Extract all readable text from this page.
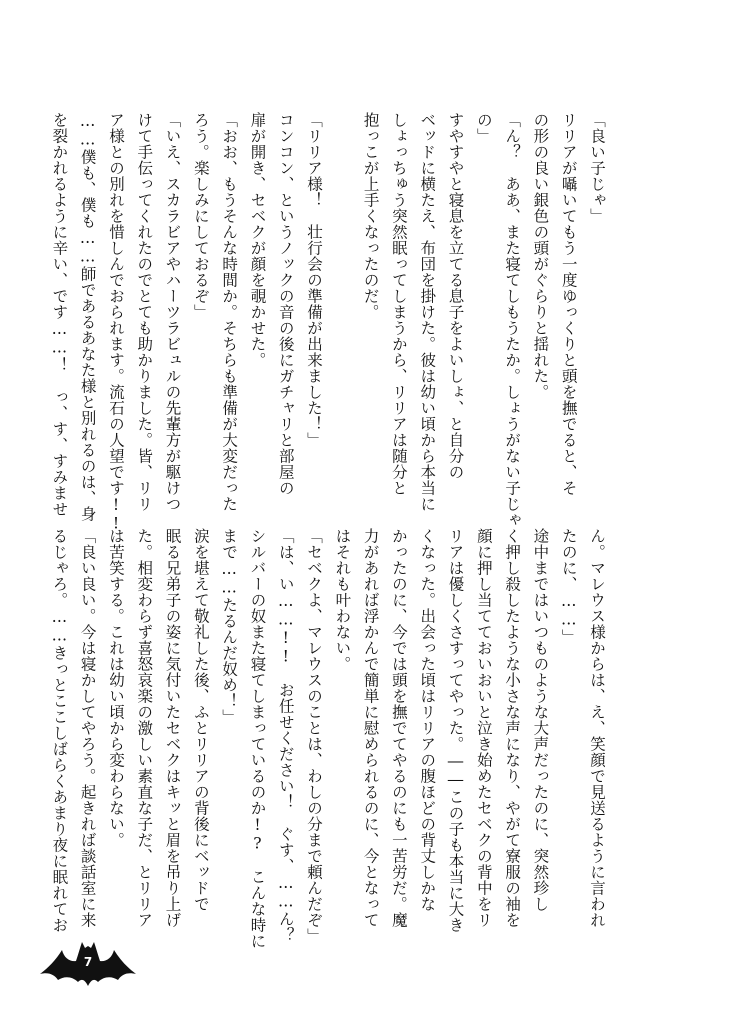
「良い子じゃ」
リリアが囁いてもう一度ゆっくりと頭を撫でると、そ
の形の良い銀色の頭がぐらりと揺れた。
「ん？　ああ、また寝てしもうたか。しょうがない子じゃ
の」
すやすやと寝息を立てる息子をよいしょ、と自分の
ベッドに横たえ、布団を掛けた。彼は幼い頃から本当に
しょっちゅう突然眠ってしまうから、リリアは随分と
抱っこが上手くなったのだ。

「リリア様！　壮行会の準備が出来ました！」
コンコン、というノックの音の後にガチャリと部屋の
扉が開き、セベクが顔を覗かせた。
「おお、もうそんな時間か。そちらも準備が大変だった
ろう。楽しみにしておるぞ」
「いえ、スカラビアやハーツラビュルの先輩方が駆けつ
けて手伝ってくれたのでとても助かりました。皆、リリ
ア様との別れを惜しんでおられます。流石の人望です!!
……僕も、僕も……師であるあなた様と別れるのは、身
を裂かれるように辛い、です……！　っ、す、すみませ
ん。マレウス様からは、え、笑顔で見送るように言われ
たのに、……」
途中まではいつものような大声だったのに、突然珍し
く押し殺したような小さな声になり、やがて寮服の袖を
顔に押し当てておいおいと泣き始めたセベクの背中をリ
リアは優しくさすってやった。――この子も本当に大き
くなった。出会った頃はリリアの腹ほどの背丈しかな
かったのに、今では頭を撫でてやるのにも一苦労だ。魔
力があれば浮かんで簡単に慰められるのに、今となって
はそれも叶わない。
「セベクよ、マレウスのことは、わしの分まで頼んだぞ」
「は、い……!!　お任せください！　ぐす、……ん？
シルバーの奴また寝てしまっているのか!?　こんな時に
まで……たるんだ奴め！」
涙を堪えて敬礼した後、ふとリリアの背後にベッドで
眠る兄弟子の姿に気付いたセベクはキッと眉を吊り上げ
た。相変わらず喜怒哀楽の激しい素直な子だ、とリリア
は苦笑する。これは幼い頃から変わらない。
「良い良い。今は寝かしてやろう。起きれば談話室に来
るじゃろ。……きっとここしばらくあまり夜に眠れてお
7
